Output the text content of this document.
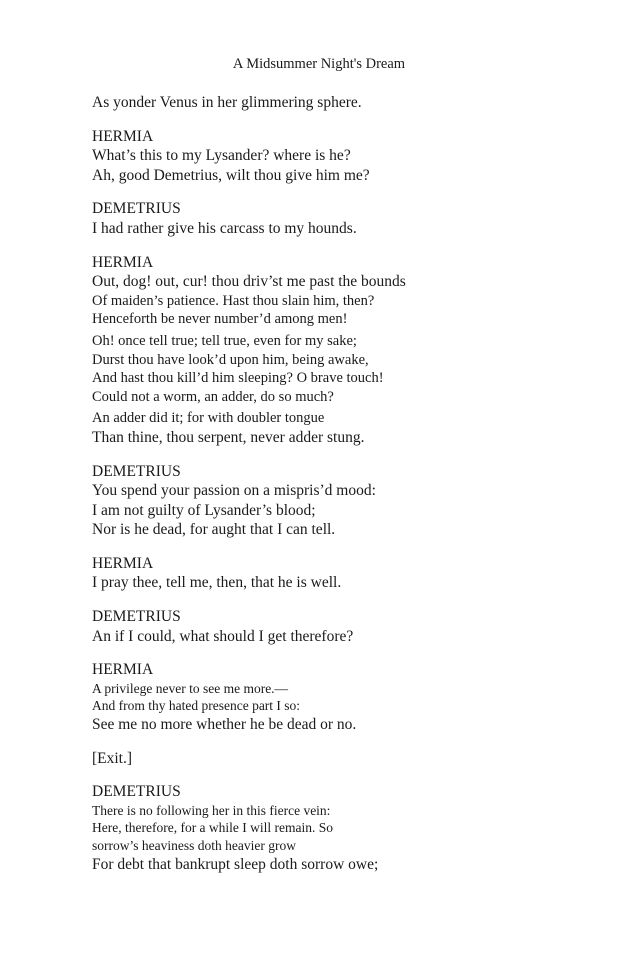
A Midsummer Night's Dream
As yonder Venus in her glimmering sphere.
HERMIA
What’s this to my Lysander? where is he?
Ah, good Demetrius, wilt thou give him me?
DEMETRIUS
I had rather give his carcass to my hounds.
HERMIA
Out, dog! out, cur! thou driv’st me past the bounds
Of maiden’s patience. Hast thou slain him, then?
Henceforth be never number’d among men!
Oh! once tell true; tell true, even for my sake;
Durst thou have look’d upon him, being awake,
And hast thou kill’d him sleeping? O brave touch!
Could not a worm, an adder, do so much?
An adder did it; for with doubler tongue
Than thine, thou serpent, never adder stung.
DEMETRIUS
You spend your passion on a mispris’d mood:
I am not guilty of Lysander’s blood;
Nor is he dead, for aught that I can tell.
HERMIA
I pray thee, tell me, then, that he is well.
DEMETRIUS
An if I could, what should I get therefore?
HERMIA
A privilege never to see me more.—
And from thy hated presence part I so:
See me no more whether he be dead or no.
[Exit.]
DEMETRIUS
There is no following her in this fierce vein:
Here, therefore, for a while I will remain. So
sorrow’s heaviness doth heavier grow
For debt that bankrupt sleep doth sorrow owe;
